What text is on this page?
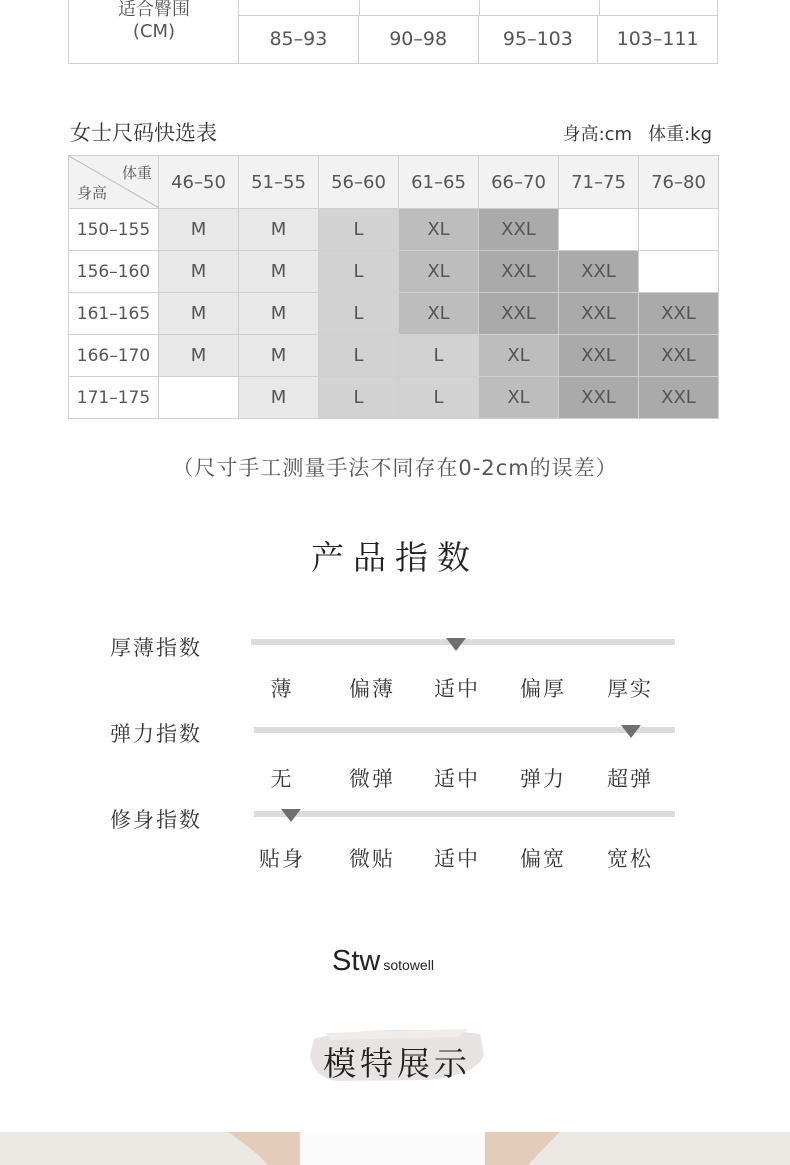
适合臀围
(CM)	85–93	90–98	95–103	103–111
女士尺码快选表	身高:cm 体重:kg
体重
身高	46–50	51–55	56–60	61–65	66–70	71–75	76–80
150–155	M	M	L	XL	XXL		
156–160	M	M	L	XL	XXL	XXL	
161–165	M	M	L	XL	XXL	XXL	XXL
166–170	M	M	L	L	XL	XXL	XXL
171–175		M	L	L	XL	XXL	XXL
（尺寸手工测量手法不同存在0-2cm的误差）
产品指数
厚薄指数
薄	偏薄 适中 偏厚 厚实
弹力指数
无	微弹 适中 弹力 超弹
修身指数
贴身 微贴 适中 偏宽 宽松
Stw sotowell
模特展示
